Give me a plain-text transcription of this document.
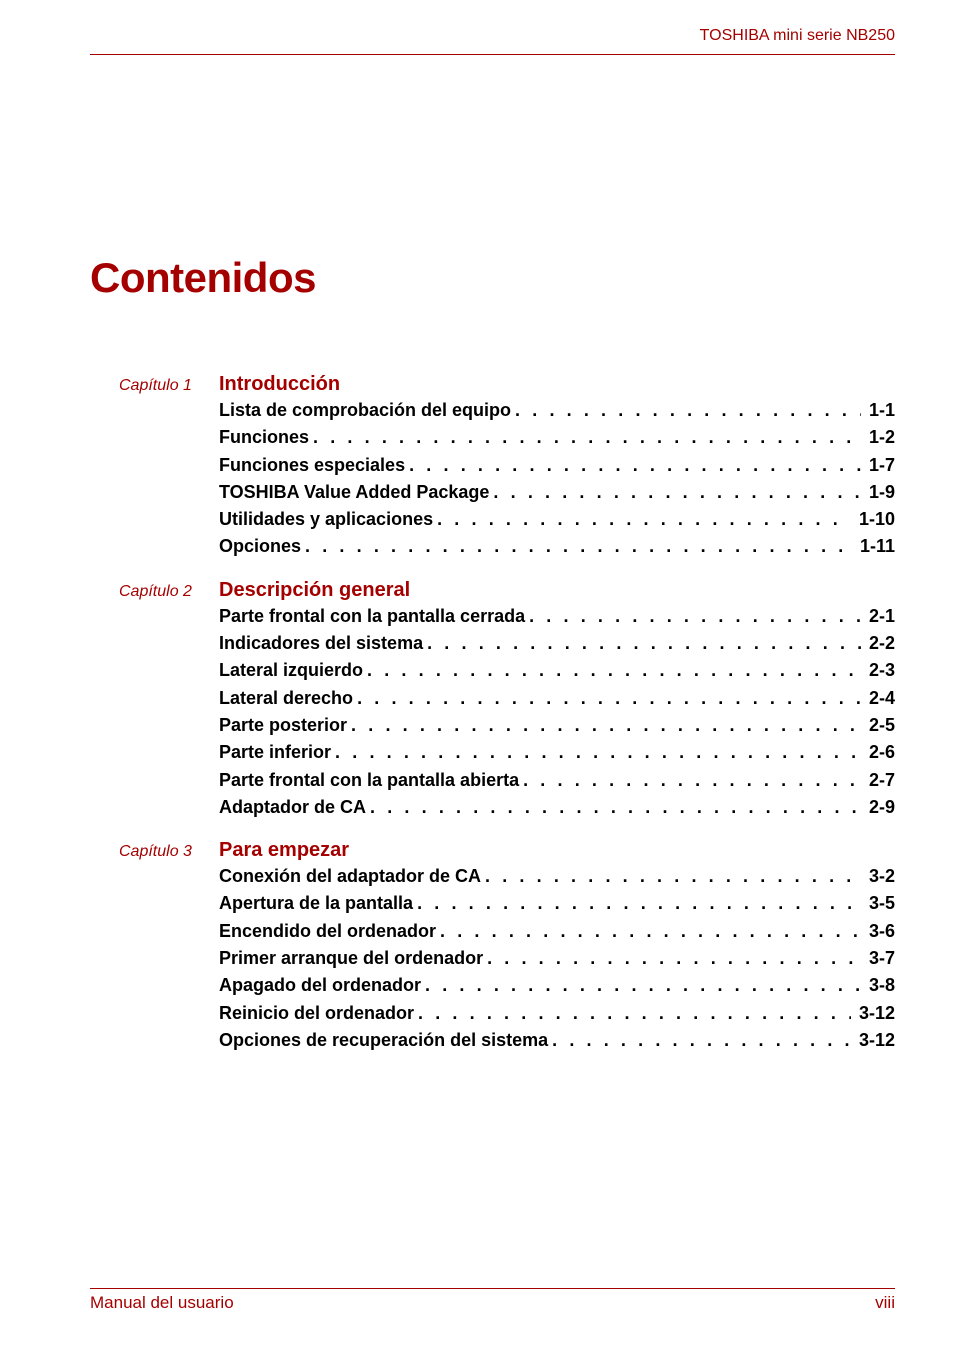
TOSHIBA mini serie NB250
Contenidos
Capítulo 1 Introducción
Lista de comprobación del equipo . . .	1-1
Funciones . . .	1-2
Funciones especiales . . .	1-7
TOSHIBA Value Added Package . . .	1-9
Utilidades y aplicaciones . . .	1-10
Opciones . . .	1-11
Capítulo 2 Descripción general
Parte frontal con la pantalla cerrada . . .	2-1
Indicadores del sistema . . .	2-2
Lateral izquierdo . . .	2-3
Lateral derecho . . .	2-4
Parte posterior . . .	2-5
Parte inferior . . .	2-6
Parte frontal con la pantalla abierta . . .	2-7
Adaptador de CA . . .	2-9
Capítulo 3 Para empezar
Conexión del adaptador de CA . . .	3-2
Apertura de la pantalla . . .	3-5
Encendido del ordenador . . .	3-6
Primer arranque del ordenador . . .	3-7
Apagado del ordenador . . .	3-8
Reinicio del ordenador . . .	3-12
Opciones de recuperación del sistema . . .	3-12
Manual del usuario	viii
